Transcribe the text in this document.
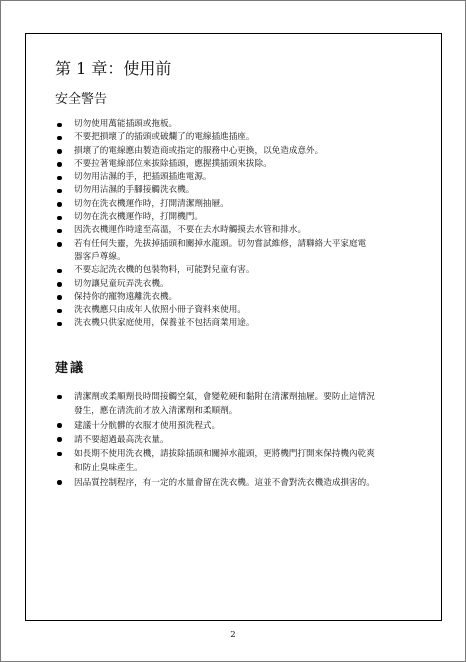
第 1 章：使用前
安全警告
切勿使用萬能插頭或拖板。
不要把損壞了的插頭或破爛了的電線插進插座。
損壞了的電線應由製造商或指定的服務中心更換，以免造成意外。
不要拉著電線部位來拔除插頭，應握撲插頭來拔除。
切勿用沾濕的手，把插頭插進電源。
切勿用沾濕的手腳接觸洗衣機。
切勿在洗衣機運作時，打開清潔劑抽屜。
切勿在洗衣機運作時，打開機門。
因洗衣機運作時達至高溫，不要在去水時觸摸去水管和排水。
若有任何失靈，先拔掉插頭和關掉水龍頭。切勿嘗試維修，請聯絡大平家庭電
器客戶尊線。
不要忘記洗衣機的包裝物料，可能對兒童有害。
切勿讓兒童玩弄洗衣機。
保持你的寵物遠離洗衣機。
洗衣機應只由成年人依照小冊子資料來使用。
洗衣機只供家庭使用，保養並不包括商業用途。
建議
清潔劑或柔順劑長時間接觸空氣，會變乾硬和黏附在清潔劑抽屜。要防止這情況
發生，應在清洗前才放入清潔劑和柔順劑。
建議十分骯髒的衣服才使用預洗程式。
請不要超過最高洗衣量。
如長期不使用洗衣機，請拔除插頭和關掉水龍頭，更將機門打開來保持機內乾爽
和防止臭味產生。
因品質控制程序，有一定的水量會留在洗衣機。這並不會對洗衣機造成損害的。
2
